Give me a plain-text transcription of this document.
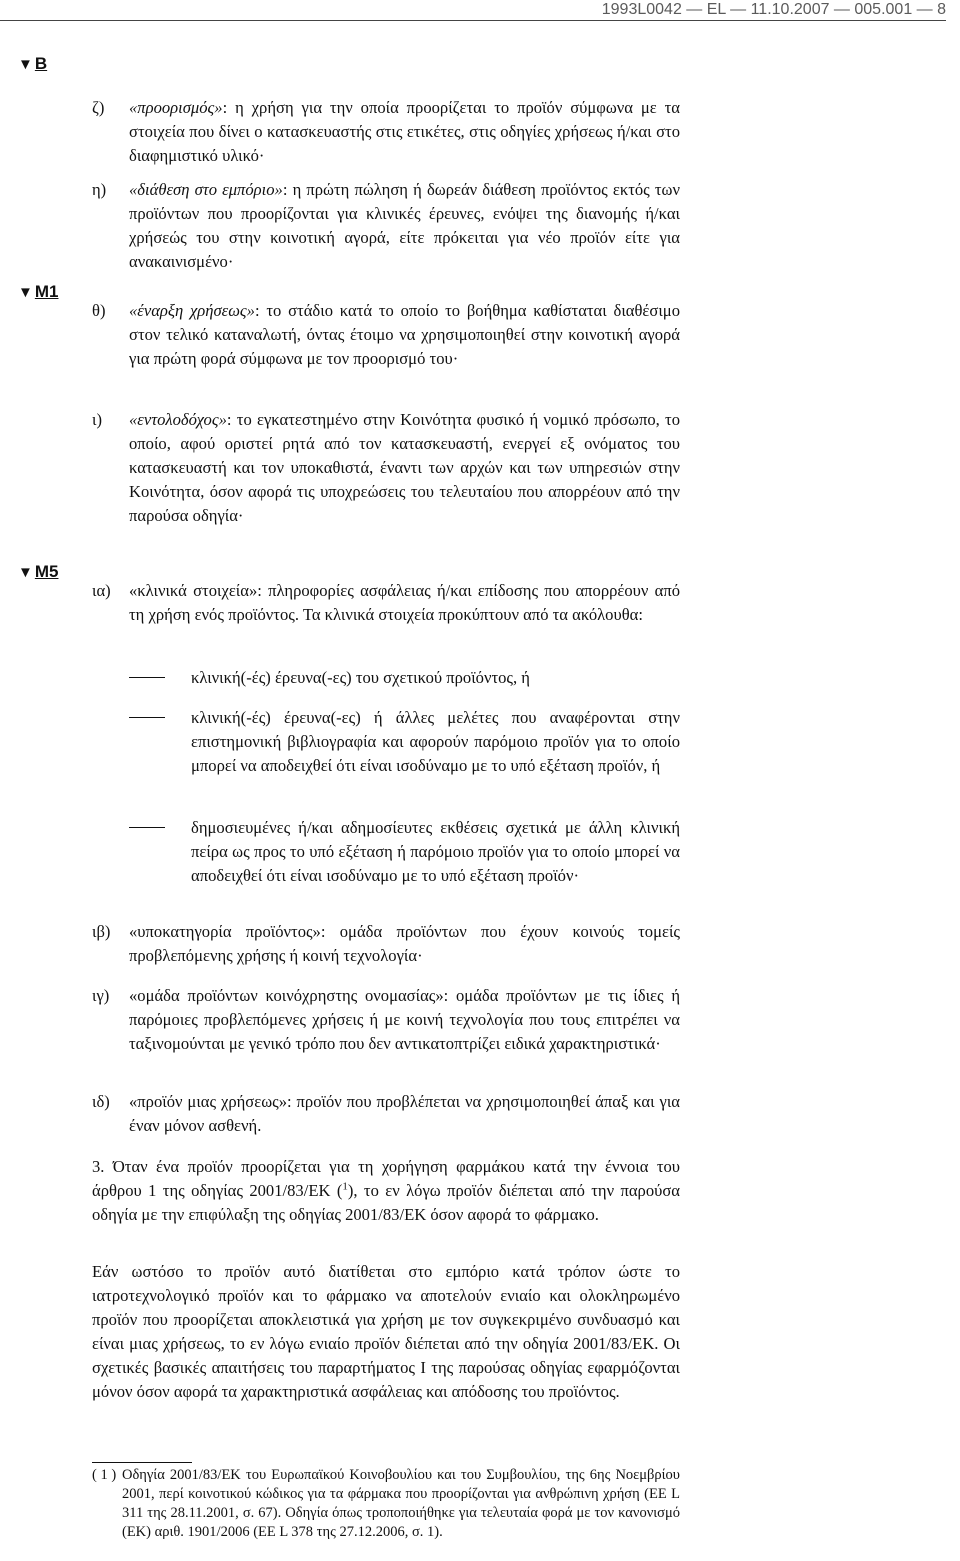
1993L0042 — EL — 11.10.2007 — 005.001 — 8
▼ B
▼ M1
▼ M5
ζ) «προορισμός»: η χρήση για την οποία προορίζεται το προϊόν σύμφωνα με τα στοιχεία που δίνει ο κατασκευαστής στις ετικέτες, στις οδηγίες χρήσεως ή/και στο διαφημιστικό υλικό·
η) «διάθεση στο εμπόριο»: η πρώτη πώληση ή δωρεάν διάθεση προϊόντος εκτός των προϊόντων που προορίζονται για κλινικές έρευνες, ενόψει της διανομής ή/και χρήσεώς του στην κοινοτική αγορά, είτε πρόκειται για νέο προϊόν είτε για ανακαινισμένο·
θ) «έναρξη χρήσεως»: το στάδιο κατά το οποίο το βοήθημα καθίσταται διαθέσιμο στον τελικό καταναλωτή, όντας έτοιμο να χρησιμοποιηθεί στην κοινοτική αγορά για πρώτη φορά σύμφωνα με τον προορισμό του·
ι) «εντολοδόχος»: το εγκατεστημένο στην Κοινότητα φυσικό ή νομικό πρόσωπο, το οποίο, αφού οριστεί ρητά από τον κατασκευαστή, ενεργεί εξ ονόματος του κατασκευαστή και τον υποκαθιστά, έναντι των αρχών και των υπηρεσιών στην Κοινότητα, όσον αφορά τις υποχρεώσεις του τελευταίου που απορρέουν από την παρούσα οδηγία·
ια) «κλινικά στοιχεία»: πληροφορίες ασφάλειας ή/και επίδοσης που απορρέουν από τη χρήση ενός προϊόντος. Τα κλινικά στοιχεία προκύπτουν από τα ακόλουθα:
κλινική(-ές) έρευνα(-ες) του σχετικού προϊόντος, ή
κλινική(-ές) έρευνα(-ες) ή άλλες μελέτες που αναφέρονται στην επιστημονική βιβλιογραφία και αφορούν παρόμοιο προϊόν για το οποίο μπορεί να αποδειχθεί ότι είναι ισοδύναμο με το υπό εξέταση προϊόν, ή
δημοσιευμένες ή/και αδημοσίευτες εκθέσεις σχετικά με άλλη κλινική πείρα ως προς το υπό εξέταση ή παρόμοιο προϊόν για το οποίο μπορεί να αποδειχθεί ότι είναι ισοδύναμο με το υπό εξέταση προϊόν·
ιβ) «υποκατηγορία προϊόντος»: ομάδα προϊόντων που έχουν κοινούς τομείς προβλεπόμενης χρήσης ή κοινή τεχνολογία·
ιγ) «ομάδα προϊόντων κοινόχρηστης ονομασίας»: ομάδα προϊόντων με τις ίδιες ή παρόμοιες προβλεπόμενες χρήσεις ή με κοινή τεχνολογία που τους επιτρέπει να ταξινομούνται με γενικό τρόπο που δεν αντικατοπτρίζει ειδικά χαρακτηριστικά·
ιδ) «προϊόν μιας χρήσεως»: προϊόν που προβλέπεται να χρησιμοποιηθεί άπαξ και για έναν μόνον ασθενή.
3. Όταν ένα προϊόν προορίζεται για τη χορήγηση φαρμάκου κατά την έννοια του άρθρου 1 της οδηγίας 2001/83/ΕΚ ($^1$), το εν λόγω προϊόν διέπεται από την παρούσα οδηγία με την επιφύλαξη της οδηγίας 2001/83/ΕΚ όσον αφορά το φάρμακο.
Εάν ωστόσο το προϊόν αυτό διατίθεται στο εμπόριο κατά τρόπον ώστε το ιατροτεχνολογικό προϊόν και το φάρμακο να αποτελούν ενιαίο και ολοκληρωμένο προϊόν που προορίζεται αποκλειστικά για χρήση με τον συγκεκριμένο συνδυασμό και είναι μιας χρήσεως, το εν λόγω ενιαίο προϊόν διέπεται από την οδηγία 2001/83/ΕΚ. Οι σχετικές βασικές απαιτήσεις του παραρτήματος Ι της παρούσας οδηγίας εφαρμόζονται μόνον όσον αφορά τα χαρακτηριστικά ασφάλειας και απόδοσης του προϊόντος.
( 1 ) Οδηγία 2001/83/ΕΚ του Ευρωπαϊκού Κοινοβουλίου και του Συμβουλίου, της 6ης Νοεμβρίου 2001, περί κοινοτικού κώδικος για τα φάρμακα που προορίζονται για ανθρώπινη χρήση (ΕΕ L 311 της 28.11.2001, σ. 67). Οδηγία όπως τροποποιήθηκε για τελευταία φορά με τον κανονισμό (ΕΚ) αριθ. 1901/2006 (ΕΕ L 378 της 27.12.2006, σ. 1).
